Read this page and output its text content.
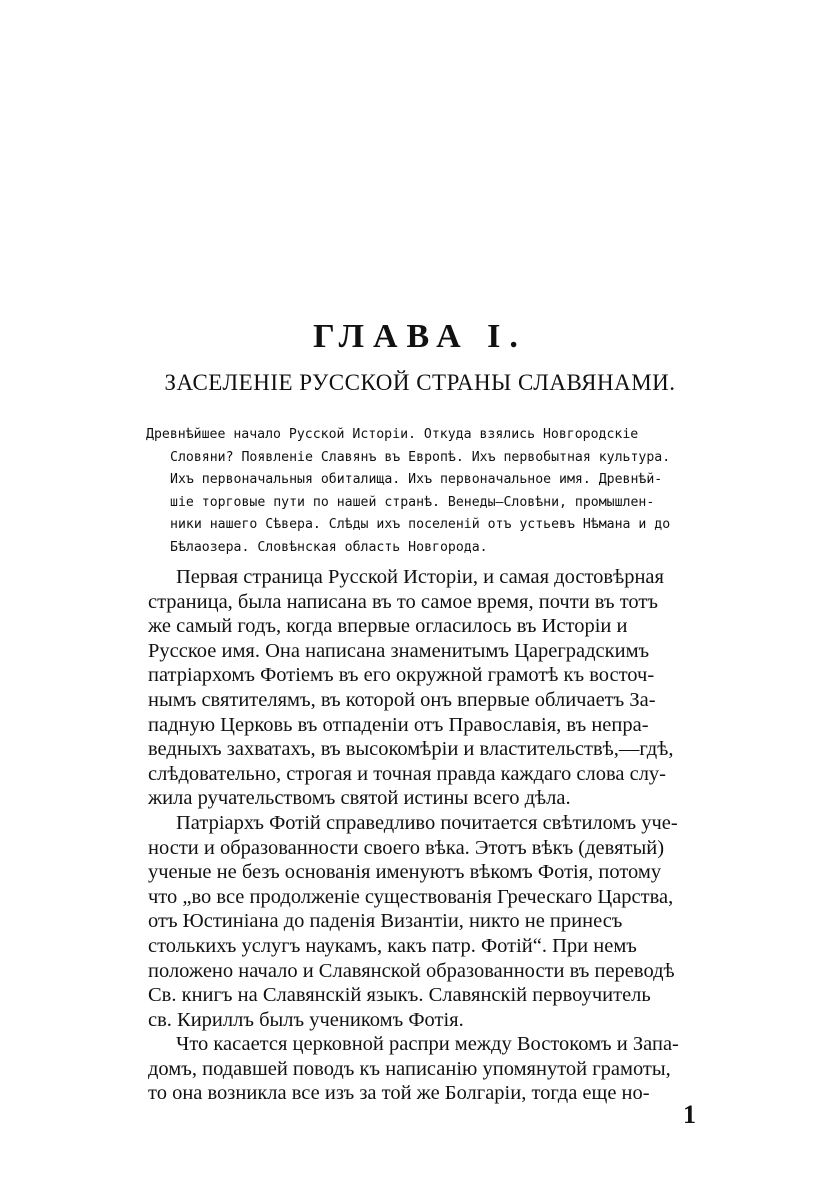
ГЛАВА I.
ЗАСЕЛЕНІЕ РУССКОЙ СТРАНЫ СЛАВЯНАМИ.
Древнѣйшее начало Русской Исторіи. Откуда взялись Новгородскіе
Словяни? Появленіе Славянъ въ Европѣ. Ихъ первобытная культура.
Ихъ первоначальныя обиталища. Ихъ первоначальное имя. Древнѣй-
шіе торговые пути по нашей странѣ. Венеды—Словѣни, промышлен-
ники нашего Сѣвера. Слѣды ихъ поселеній отъ устьевъ Нѣмана и до
Бѣлаозера. Словѣнская область Новгорода.
Первая страница Русской Исторіи, и самая достовѣрная
страница, была написана въ то самое время, почти въ тотъ
же самый годъ, когда впервые огласилось въ Исторіи и
Русское имя. Она написана знаменитымъ Цареградскимъ
патріархомъ Фотіемъ въ его окружной грамотѣ къ восточ-
нымъ святителямъ, въ которой онъ впервые обличаетъ За-
падную Церковь въ отпаденіи отъ Православія, въ непра-
ведныхъ захватахъ, въ высокомѣріи и властительствѣ,—гдѣ,
слѣдовательно, строгая и точная правда каждаго слова слу-
жила ручательствомъ святой истины всего дѣла.
Патріархъ Фотій справедливо почитается свѣтиломъ уче-
ности и образованности своего вѣка. Этотъ вѣкъ (девятый)
ученые не безъ основанія именуютъ вѣкомъ Фотія, потому
что „во все продолженіе существованія Греческаго Царства,
отъ Юстиніана до паденія Византіи, никто не принесъ
столькихъ услугъ наукамъ, какъ патр. Фотій“. При немъ
положено начало и Славянской образованности въ переводѣ
Св. книгъ на Славянскій языкъ. Славянскій первоучитель
св. Кириллъ былъ ученикомъ Фотія.
Что касается церковной распри между Востокомъ и Запа-
домъ, подавшей поводъ къ написанію упомянутой грамоты,
то она возникла все изъ за той же Болгаріи, тогда еще но-
1
